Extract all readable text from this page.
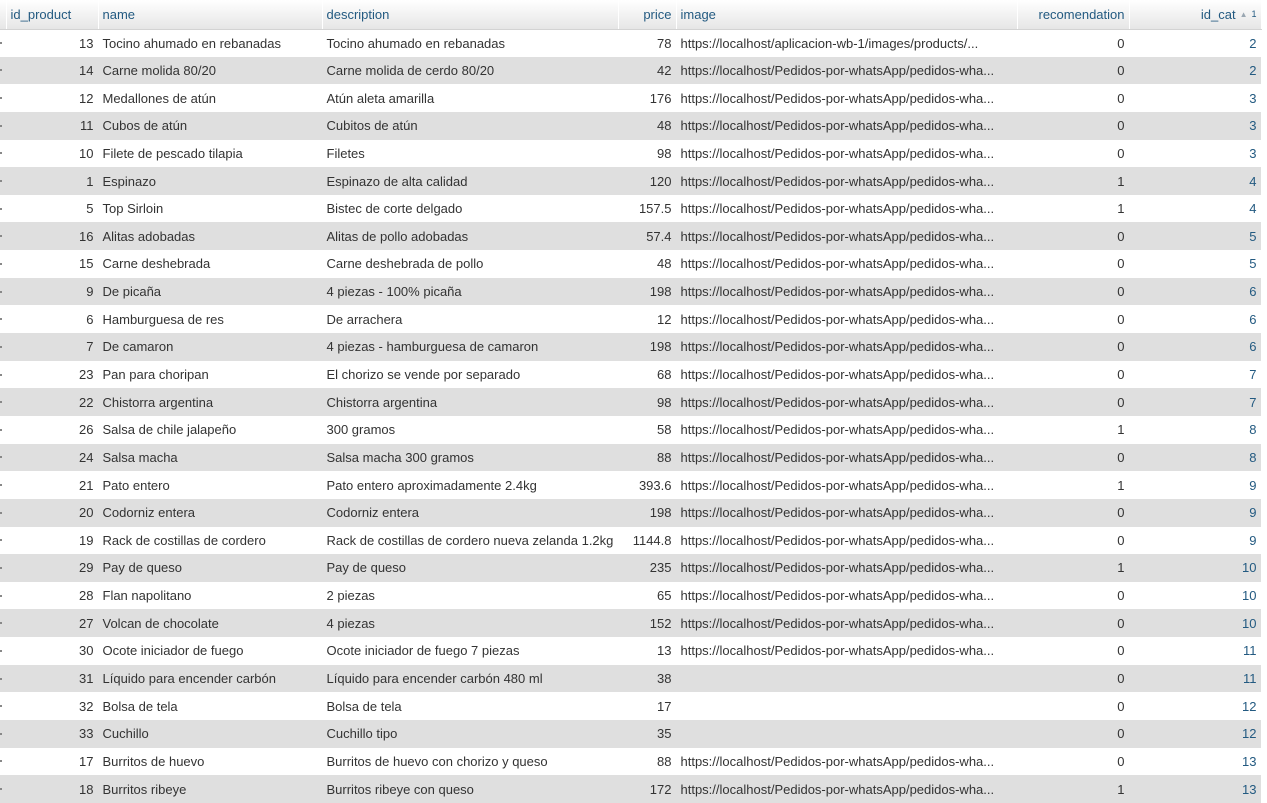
	id_product	name	description	price	image	recomendation	id_cat ▲ 1

	13	Tocino ahumado en rebanadas	Tocino ahumado en rebanadas	78	https://localhost/aplicacion-wb-1/images/products/...	0	2
	14	Carne molida 80/20	Carne molida de cerdo 80/20	42	https://localhost/Pedidos-por-whatsApp/pedidos-wha...	0	2
	12	Medallones de atún	Atún aleta amarilla	176	https://localhost/Pedidos-por-whatsApp/pedidos-wha...	0	3
	11	Cubos de atún	Cubitos de atún	48	https://localhost/Pedidos-por-whatsApp/pedidos-wha...	0	3
	10	Filete de pescado tilapia	Filetes	98	https://localhost/Pedidos-por-whatsApp/pedidos-wha...	0	3
	1	Espinazo	Espinazo de alta calidad	120	https://localhost/Pedidos-por-whatsApp/pedidos-wha...	1	4
	5	Top Sirloin	Bistec de corte delgado	157.5	https://localhost/Pedidos-por-whatsApp/pedidos-wha...	1	4
	16	Alitas adobadas	Alitas de pollo adobadas	57.4	https://localhost/Pedidos-por-whatsApp/pedidos-wha...	0	5
	15	Carne deshebrada	Carne deshebrada de pollo	48	https://localhost/Pedidos-por-whatsApp/pedidos-wha...	0	5
	9	De picaña	4 piezas - 100% picaña	198	https://localhost/Pedidos-por-whatsApp/pedidos-wha...	0	6
	6	Hamburguesa de res	De arrachera	12	https://localhost/Pedidos-por-whatsApp/pedidos-wha...	0	6
	7	De camaron	4 piezas - hamburguesa de camaron	198	https://localhost/Pedidos-por-whatsApp/pedidos-wha...	0	6
	23	Pan para choripan	El chorizo se vende por separado	68	https://localhost/Pedidos-por-whatsApp/pedidos-wha...	0	7
	22	Chistorra argentina	Chistorra argentina	98	https://localhost/Pedidos-por-whatsApp/pedidos-wha...	0	7
	26	Salsa de chile jalapeño	300 gramos	58	https://localhost/Pedidos-por-whatsApp/pedidos-wha...	1	8
	24	Salsa macha	Salsa macha 300 gramos	88	https://localhost/Pedidos-por-whatsApp/pedidos-wha...	0	8
	21	Pato entero	Pato entero aproximadamente 2.4kg	393.6	https://localhost/Pedidos-por-whatsApp/pedidos-wha...	1	9
	20	Codorniz entera	Codorniz entera	198	https://localhost/Pedidos-por-whatsApp/pedidos-wha...	0	9
	19	Rack de costillas de cordero	Rack de costillas de cordero nueva zelanda 1.2kg	1144.8	https://localhost/Pedidos-por-whatsApp/pedidos-wha...	0	9
	29	Pay de queso	Pay de queso	235	https://localhost/Pedidos-por-whatsApp/pedidos-wha...	1	10
	28	Flan napolitano	2 piezas	65	https://localhost/Pedidos-por-whatsApp/pedidos-wha...	0	10
	27	Volcan de chocolate	4 piezas	152	https://localhost/Pedidos-por-whatsApp/pedidos-wha...	0	10
	30	Ocote iniciador de fuego	Ocote iniciador de fuego 7 piezas	13	https://localhost/Pedidos-por-whatsApp/pedidos-wha...	0	11
	31	Líquido para encender carbón	Líquido para encender carbón 480 ml	38		0	11
	32	Bolsa de tela	Bolsa de tela	17		0	12
	33	Cuchillo	Cuchillo tipo	35		0	12
	17	Burritos de huevo	Burritos de huevo con chorizo y queso	88	https://localhost/Pedidos-por-whatsApp/pedidos-wha...	0	13
	18	Burritos ribeye	Burritos ribeye con queso	172	https://localhost/Pedidos-por-whatsApp/pedidos-wha...	1	13
